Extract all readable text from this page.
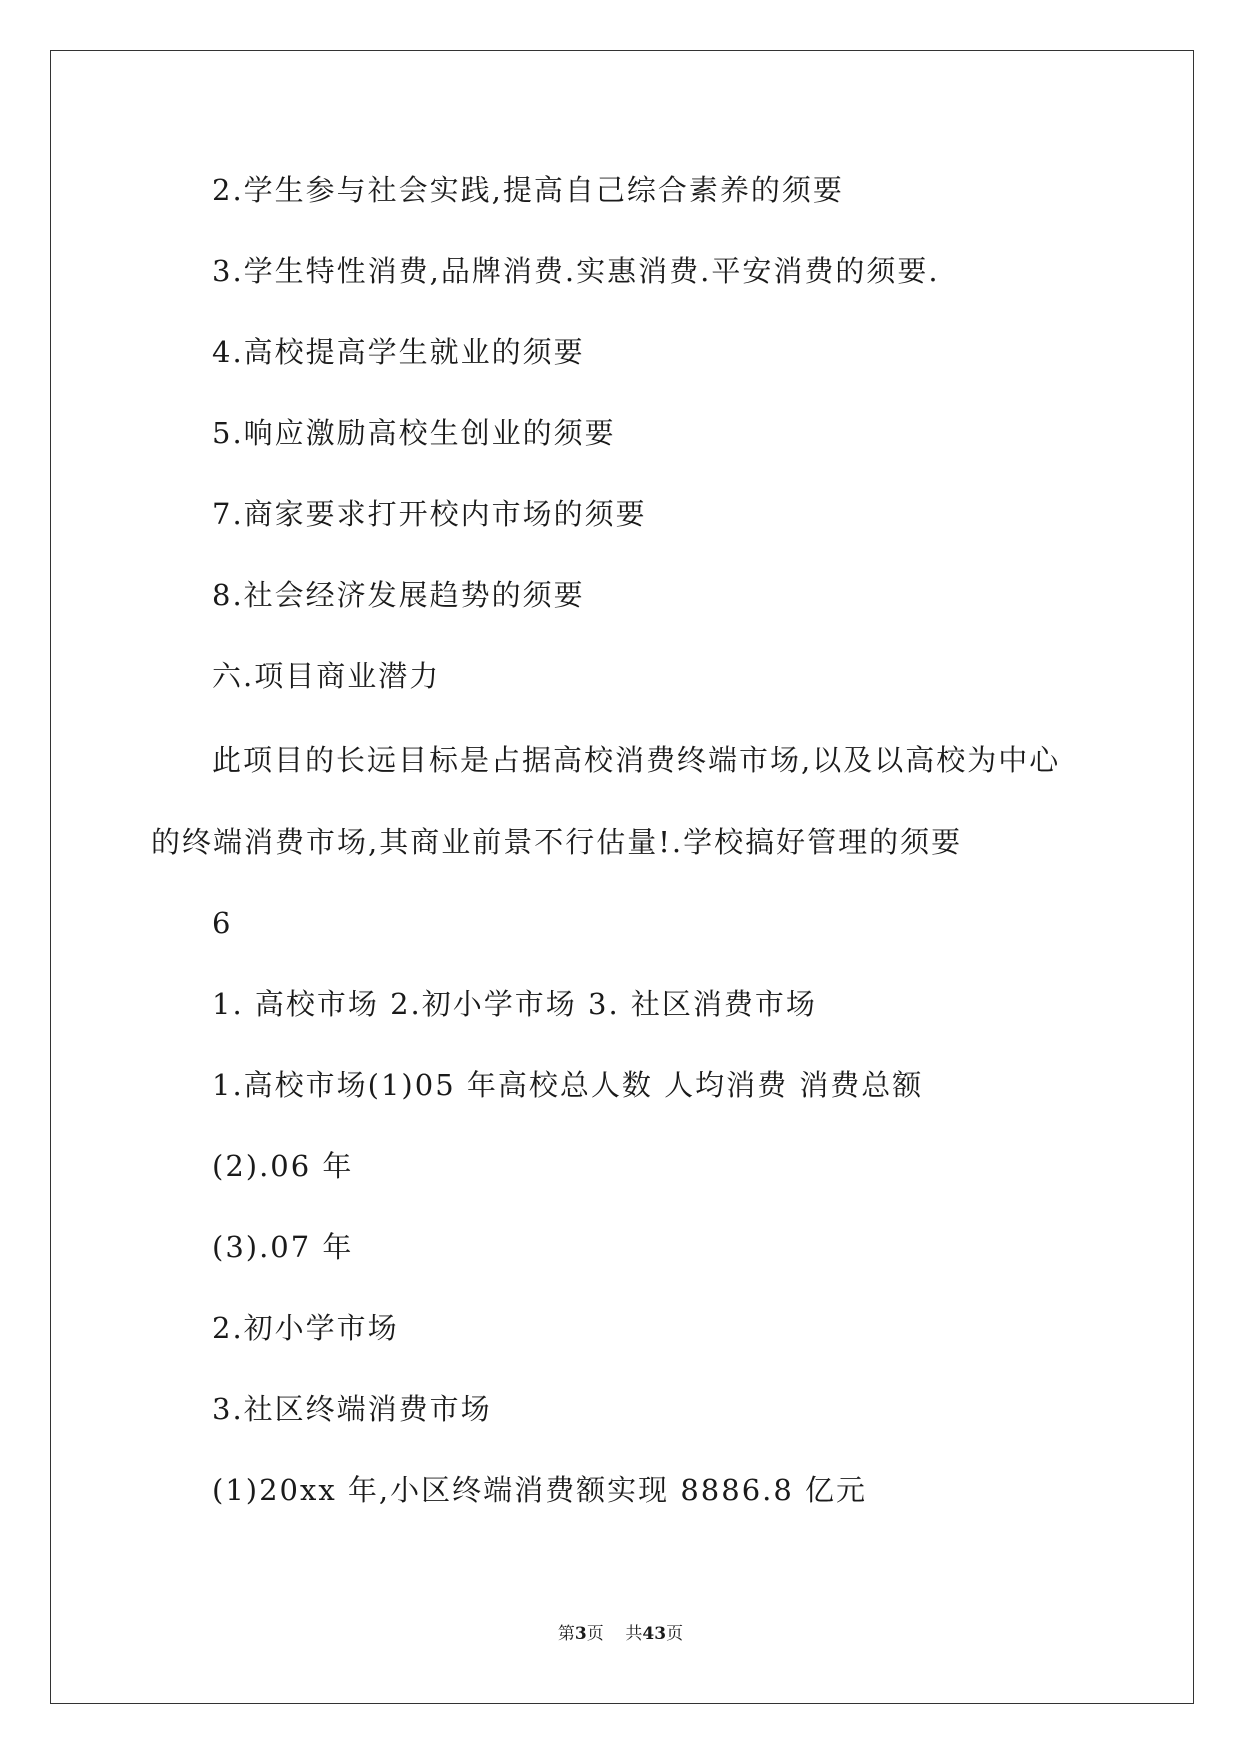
2.学生参与社会实践,提高自己综合素养的须要
3.学生特性消费,品牌消费.实惠消费.平安消费的须要.
4.高校提高学生就业的须要
5.响应激励高校生创业的须要
7.商家要求打开校内市场的须要
8.社会经济发展趋势的须要
六.项目商业潜力
此项目的长远目标是占据高校消费终端市场,以及以高校为中心
的终端消费市场,其商业前景不行估量!.学校搞好管理的须要
6
1. 高校市场 2.初小学市场 3. 社区消费市场
1.高校市场(1)05 年高校总人数 人均消费 消费总额
(2).06 年
(3).07 年
2.初小学市场
3.社区终端消费市场
(1)20xx 年,小区终端消费额实现 8886.8 亿元
第3页 共43页
